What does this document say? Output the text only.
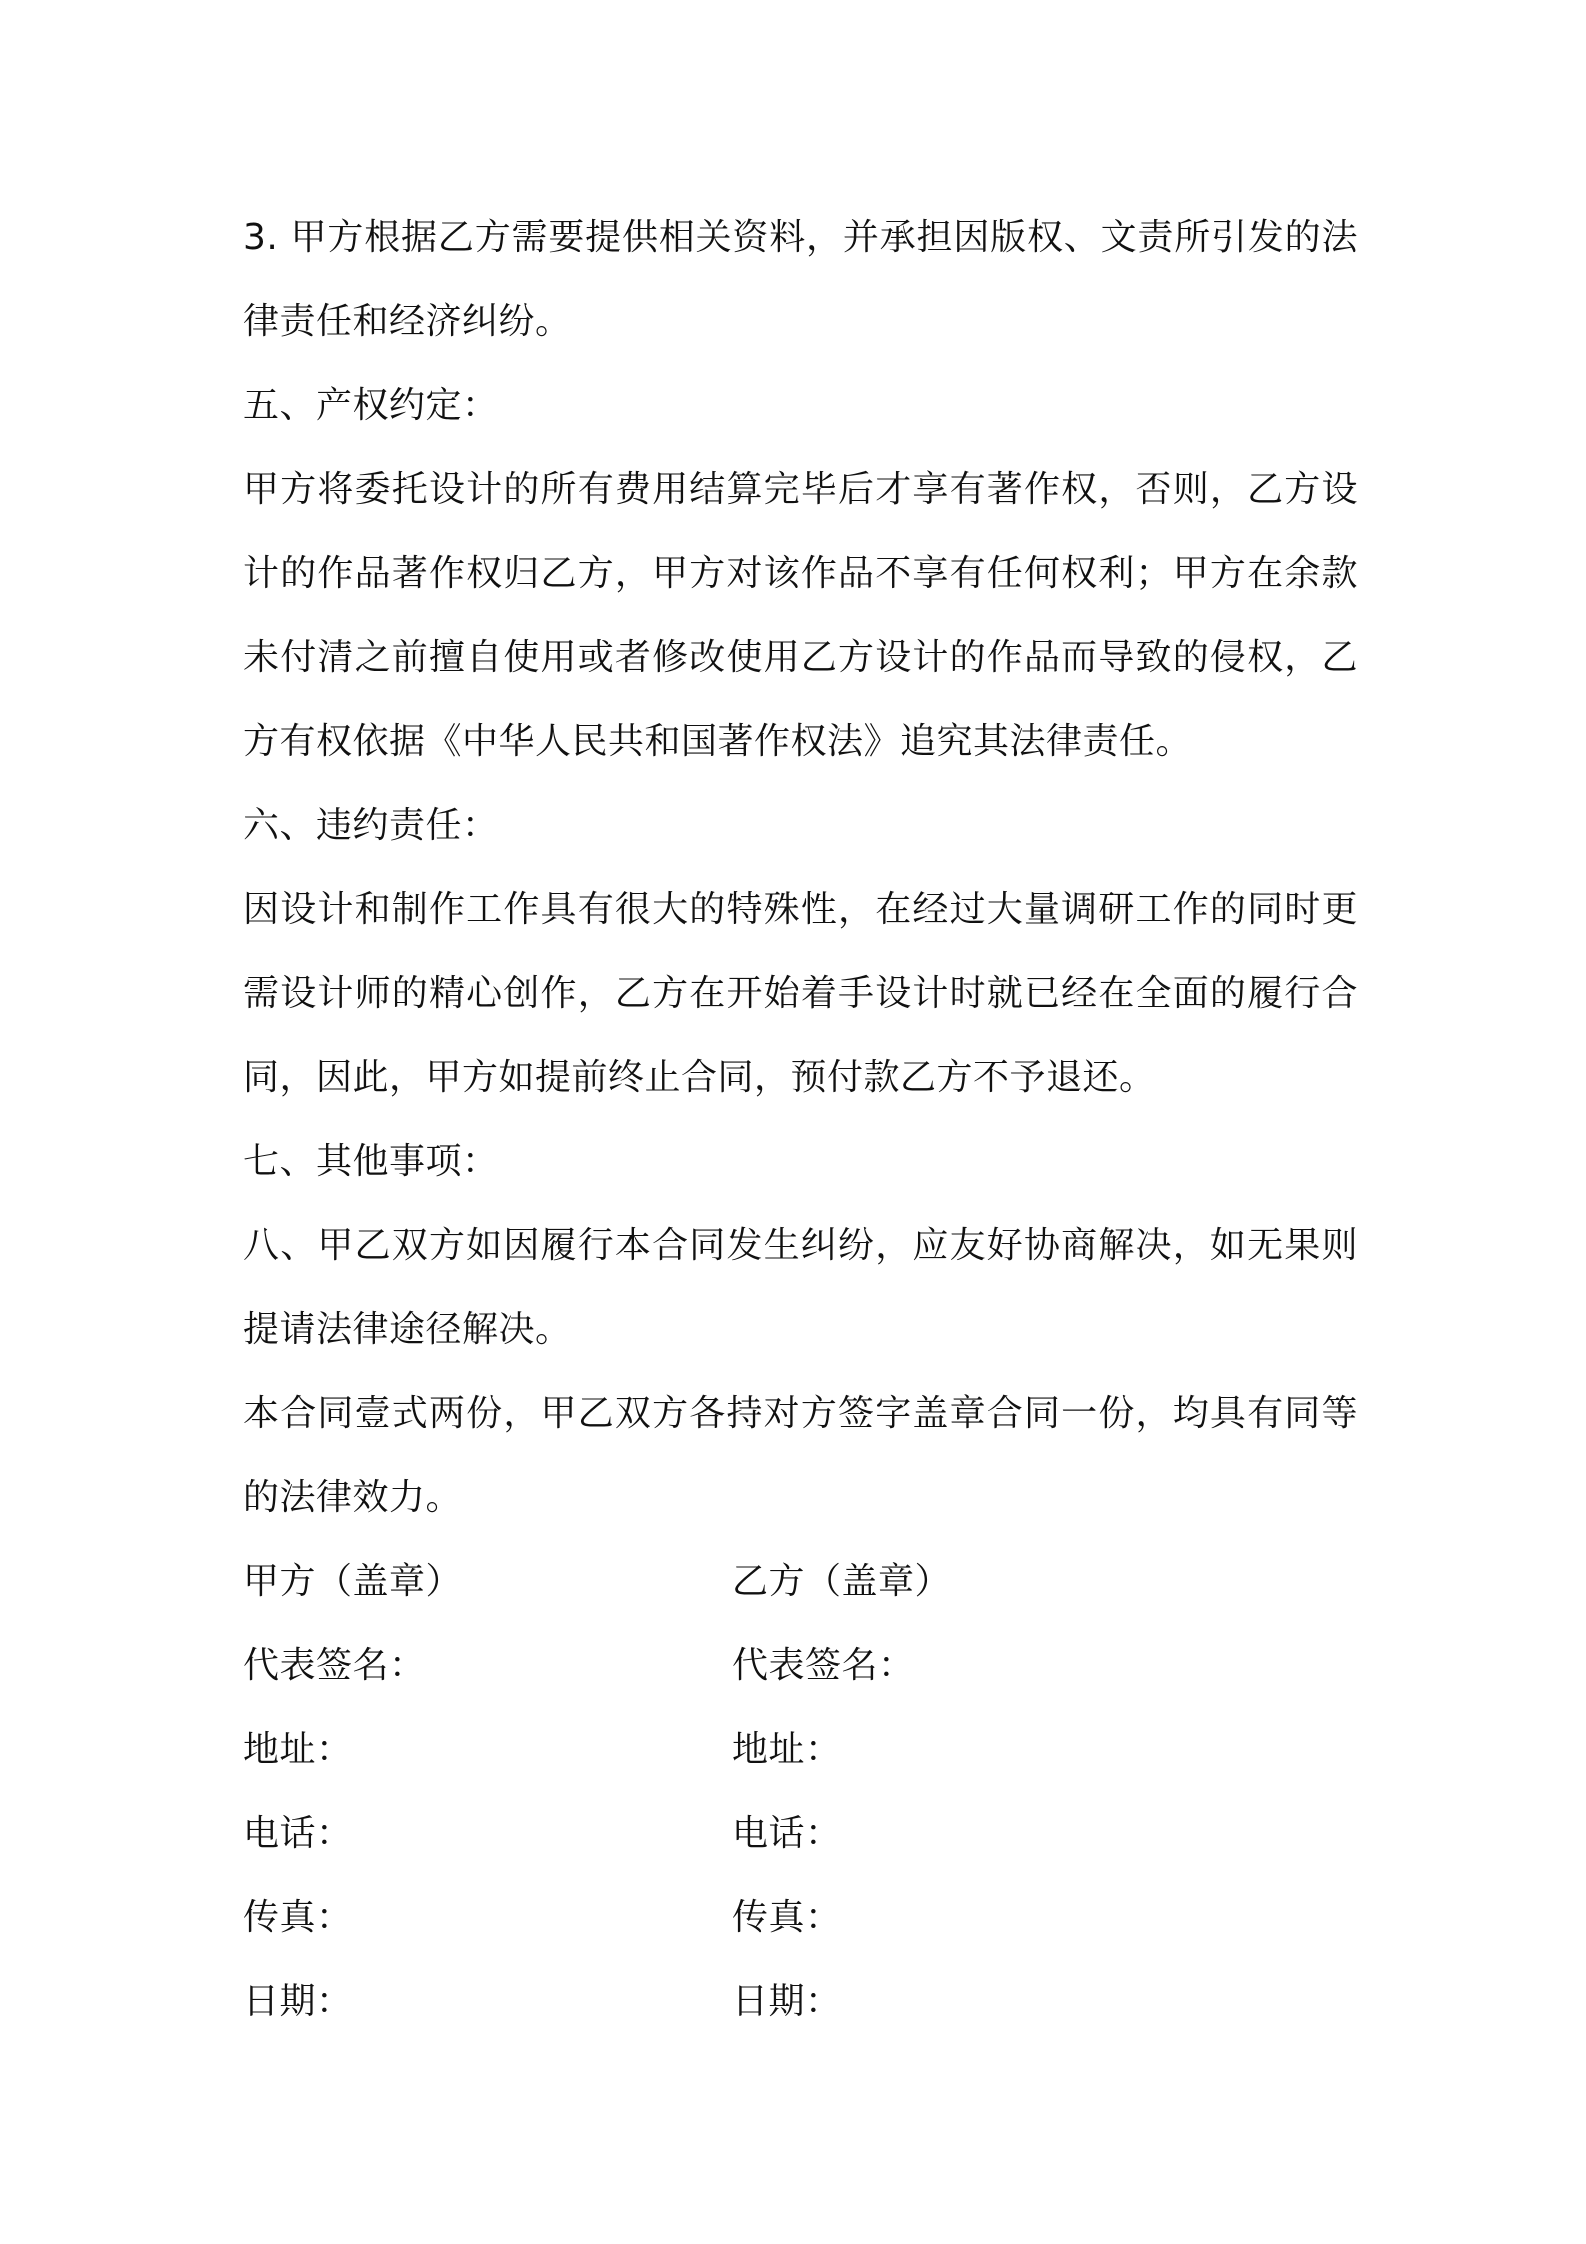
3. 甲方根据乙方需要提供相关资料，并承担因版权、文责所引发的法律责任和经济纠纷。

五、产权约定：

甲方将委托设计的所有费用结算完毕后才享有著作权，否则，乙方设计的作品著作权归乙方，甲方对该作品不享有任何权利；甲方在余款未付清之前擅自使用或者修改使用乙方设计的作品而导致的侵权，乙方有权依据《中华人民共和国著作权法》追究其法律责任。

六、违约责任：

因设计和制作工作具有很大的特殊性，在经过大量调研工作的同时更需设计师的精心创作，乙方在开始着手设计时就已经在全面的履行合同，因此，甲方如提前终止合同，预付款乙方不予退还。

七、其他事项：

八、甲乙双方如因履行本合同发生纠纷，应友好协商解决，如无果则提请法律途径解决。

本合同壹式两份，甲乙双方各持对方签字盖章合同一份，均具有同等的法律效力。

甲方（盖章）	乙方（盖章）
代表签名：	代表签名：
地址：	地址：
电话：	电话：
传真：	传真：
日期：	日期：
